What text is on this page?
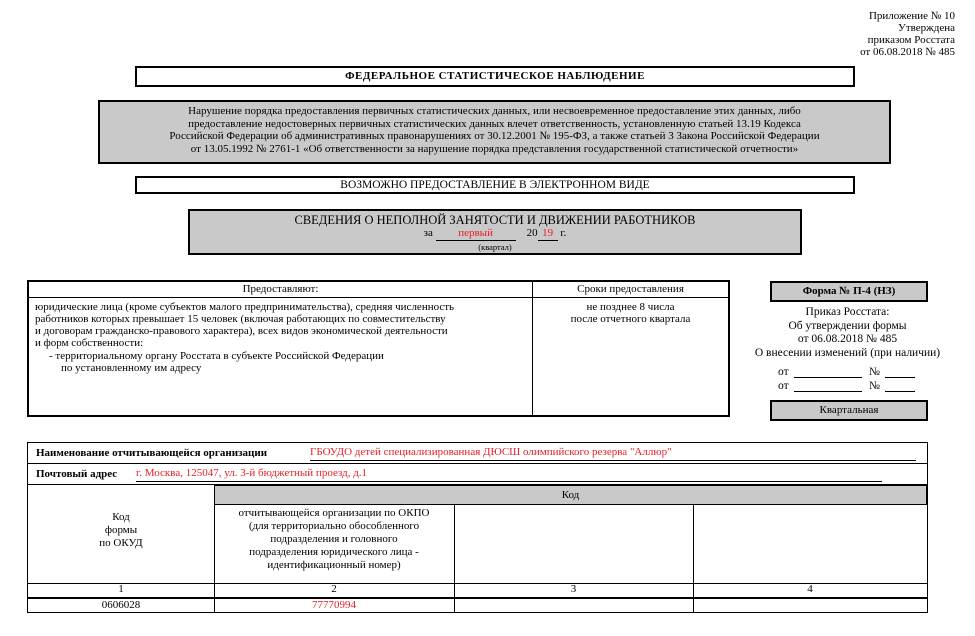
Приложение № 10
Утверждена
приказом Росстата
от 06.08.2018 № 485
ФЕДЕРАЛЬНОЕ СТАТИСТИЧЕСКОЕ НАБЛЮДЕНИЕ
Нарушение порядка предоставления первичных статистических данных, или несвоевременное предоставление этих данных, либо
предоставление недостоверных первичных статистических данных влечет ответственность, установленную статьей 13.19 Кодекса
Российской Федерации об административных правонарушениях от 30.12.2001 № 195-ФЗ, а также статьей 3 Закона Российской Федерации
от 13.05.1992 № 2761-1 «Об ответственности за нарушение порядка представления государственной статистической отчетности»
ВОЗМОЖНО ПРЕДОСТАВЛЕНИЕ В ЭЛЕКТРОННОМ ВИДЕ
СВЕДЕНИЯ О НЕПОЛНОЙ ЗАНЯТОСТИ И ДВИЖЕНИИ РАБОТНИКОВ
за первый	20 19 г.
(квартал)
Предоставляют:	Сроки предоставления
юридические лица (кроме субъектов малого предпринимательства), средняя численность
работников которых превышает 15 человек (включая работающих по совместительству
и договорам гражданско-правового характера), всех видов экономической деятельности
и форм собственности:
- территориальному органу Росстата в субъекте Российской Федерации
по установленному им адресу
не позднее 8 числа
после отчетного квартала
Форма № П-4 (НЗ)
Приказ Росстата:
Об утверждении формы
от 06.08.2018 № 485
О внесении изменений (при наличии)
от	№
от	№
Квартальная
Наименование отчитывающейся организации	ГБОУДО детей специализированная ДЮСШ олимпийского резерва "Аллюр"
Почтовый адрес г. Москва, 125047, ул. 3-й бюджетный проезд, д.1
Код
Код
формы
по ОКУД
отчитывающейся организации по ОКПО
(для территориально обособленного
подразделения и головного
подразделения юридического лица -
идентификационный номер)
1	2	3	4
0606028	77770994
